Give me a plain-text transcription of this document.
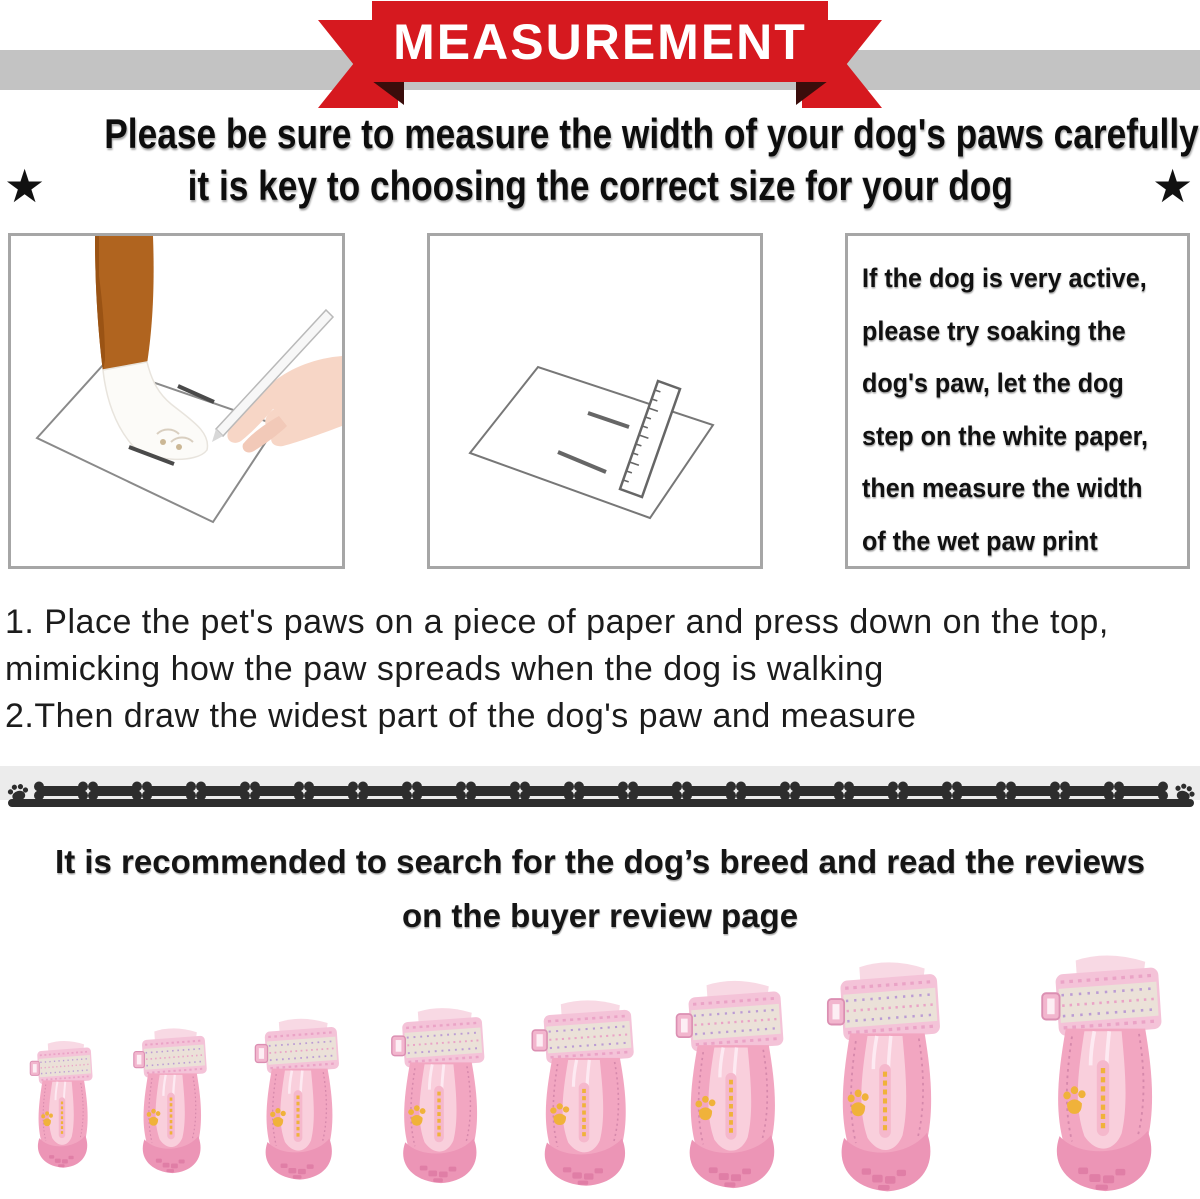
MEASUREMENT
Please be sure to measure the width of your dog's paws carefully
it is key to choosing the correct size for your dog
★	★
If the dog is very active,
please try soaking the
dog's paw, let the dog
step on the white paper,
then measure the width
of the wet paw print
1. Place the pet's paws on a piece of paper and press down on the top,
mimicking how the paw spreads when the dog is walking
2.Then draw the widest part of the dog's paw and measure
It is recommended to search for the dog’s breed and read the reviews
on the buyer review page
